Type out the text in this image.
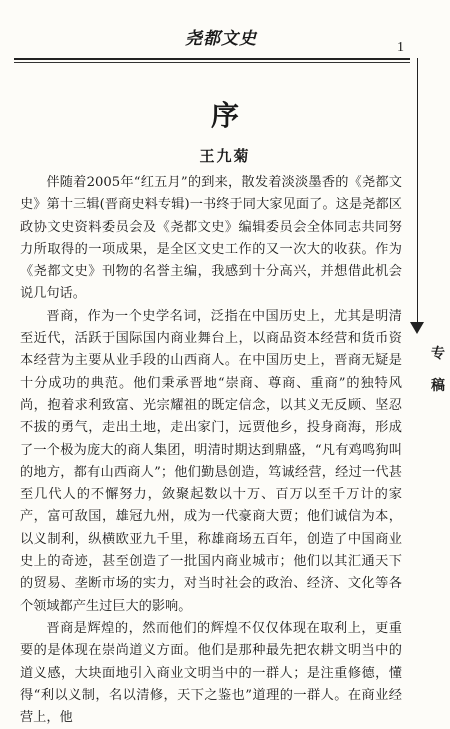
尧都文史	1
专稿
序
王九菊

伴随着2005年“红五月”的到来，散发着淡淡墨香的《尧都文史》第十三辑(晋商史料专辑)一书终于同大家见面了。这是尧都区政协文史资料委员会及《尧都文史》编辑委员会全体同志共同努力所取得的一项成果，是全区文史工作的又一次大的收获。作为《尧都文史》刊物的名誉主编，我感到十分高兴，并想借此机会说几句话。

晋商，作为一个史学名词，泛指在中国历史上，尤其是明清至近代，活跃于国际国内商业舞台上，以商品资本经营和货币资本经营为主要从业手段的山西商人。在中国历史上，晋商无疑是十分成功的典范。他们秉承晋地“崇商、尊商、重商”的独特风尚，抱着求利致富、光宗耀祖的既定信念，以其义无反顾、坚忍不拔的勇气，走出土地，走出家门，远贾他乡，投身商海，形成了一个极为庞大的商人集团，明清时期达到鼎盛，“凡有鸡鸣狗叫的地方，都有山西商人”；他们勤恳创造，笃诚经营，经过一代甚至几代人的不懈努力，敛聚起数以十万、百万以至千万计的家产，富可敌国，雄冠九州，成为一代豪商大贾；他们诚信为本，以义制利，纵横欧亚九千里，称雄商场五百年，创造了中国商业史上的奇迹，甚至创造了一批国内商业城市；他们以其汇通天下的贸易、垄断市场的实力，对当时社会的政治、经济、文化等各个领域都产生过巨大的影响。

晋商是辉煌的，然而他们的辉煌不仅仅体现在取利上，更重要的是体现在崇尚道义方面。他们是那种最先把农耕文明当中的道义感，大块面地引入商业文明当中的一群人；是注重修德，懂得“利以义制，名以清修，天下之鉴也”道理的一群人。在商业经营上，他
